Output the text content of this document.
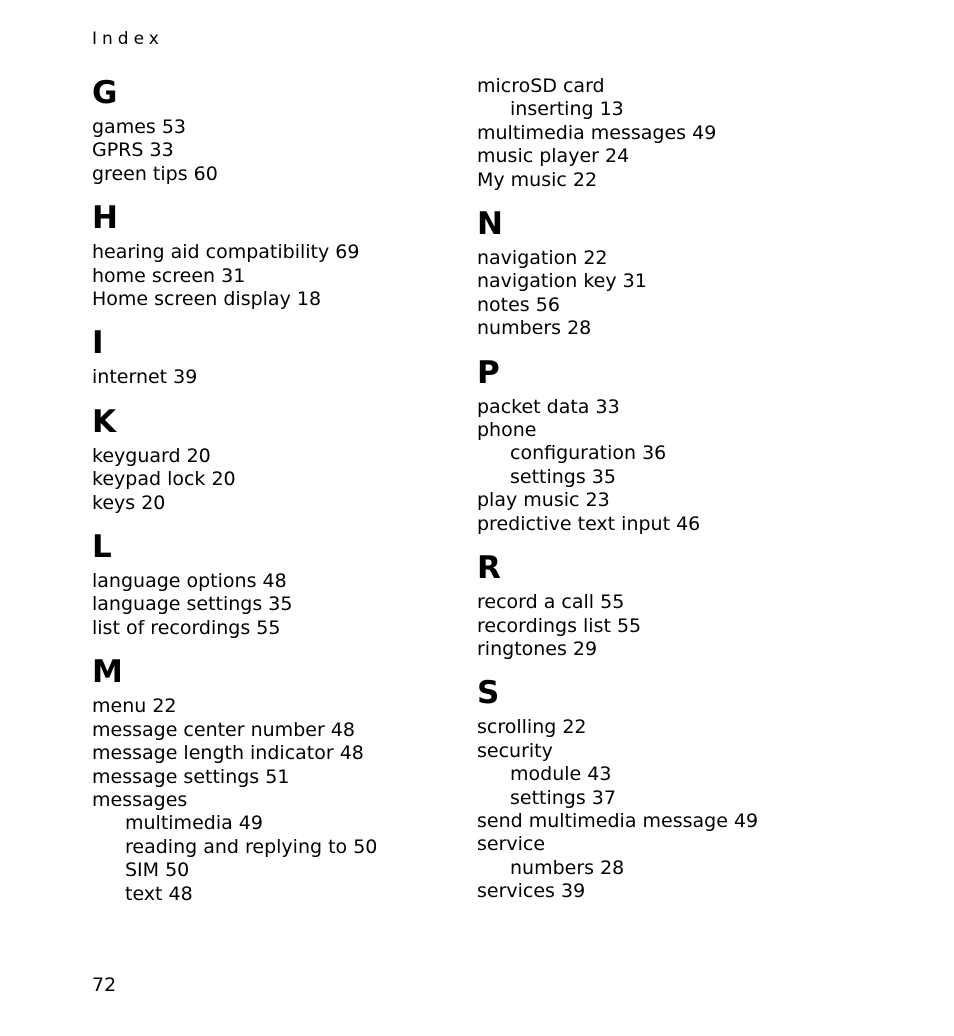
Index
G
games 53
GPRS 33
green tips 60
H
hearing aid compatibility 69
home screen 31
Home screen display 18
I
internet 39
K
keyguard 20
keypad lock 20
keys 20
L
language options 48
language settings 35
list of recordings 55
M
menu 22
message center number 48
message length indicator 48
message settings 51
messages
multimedia 49
reading and replying to 50
SIM 50
text 48
microSD card
inserting 13
multimedia messages 49
music player 24
My music 22
N
navigation 22
navigation key 31
notes 56
numbers 28
P
packet data 33
phone
configuration 36
settings 35
play music 23
predictive text input 46
R
record a call 55
recordings list 55
ringtones 29
S
scrolling 22
security
module 43
settings 37
send multimedia message 49
service
numbers 28
services 39
72
